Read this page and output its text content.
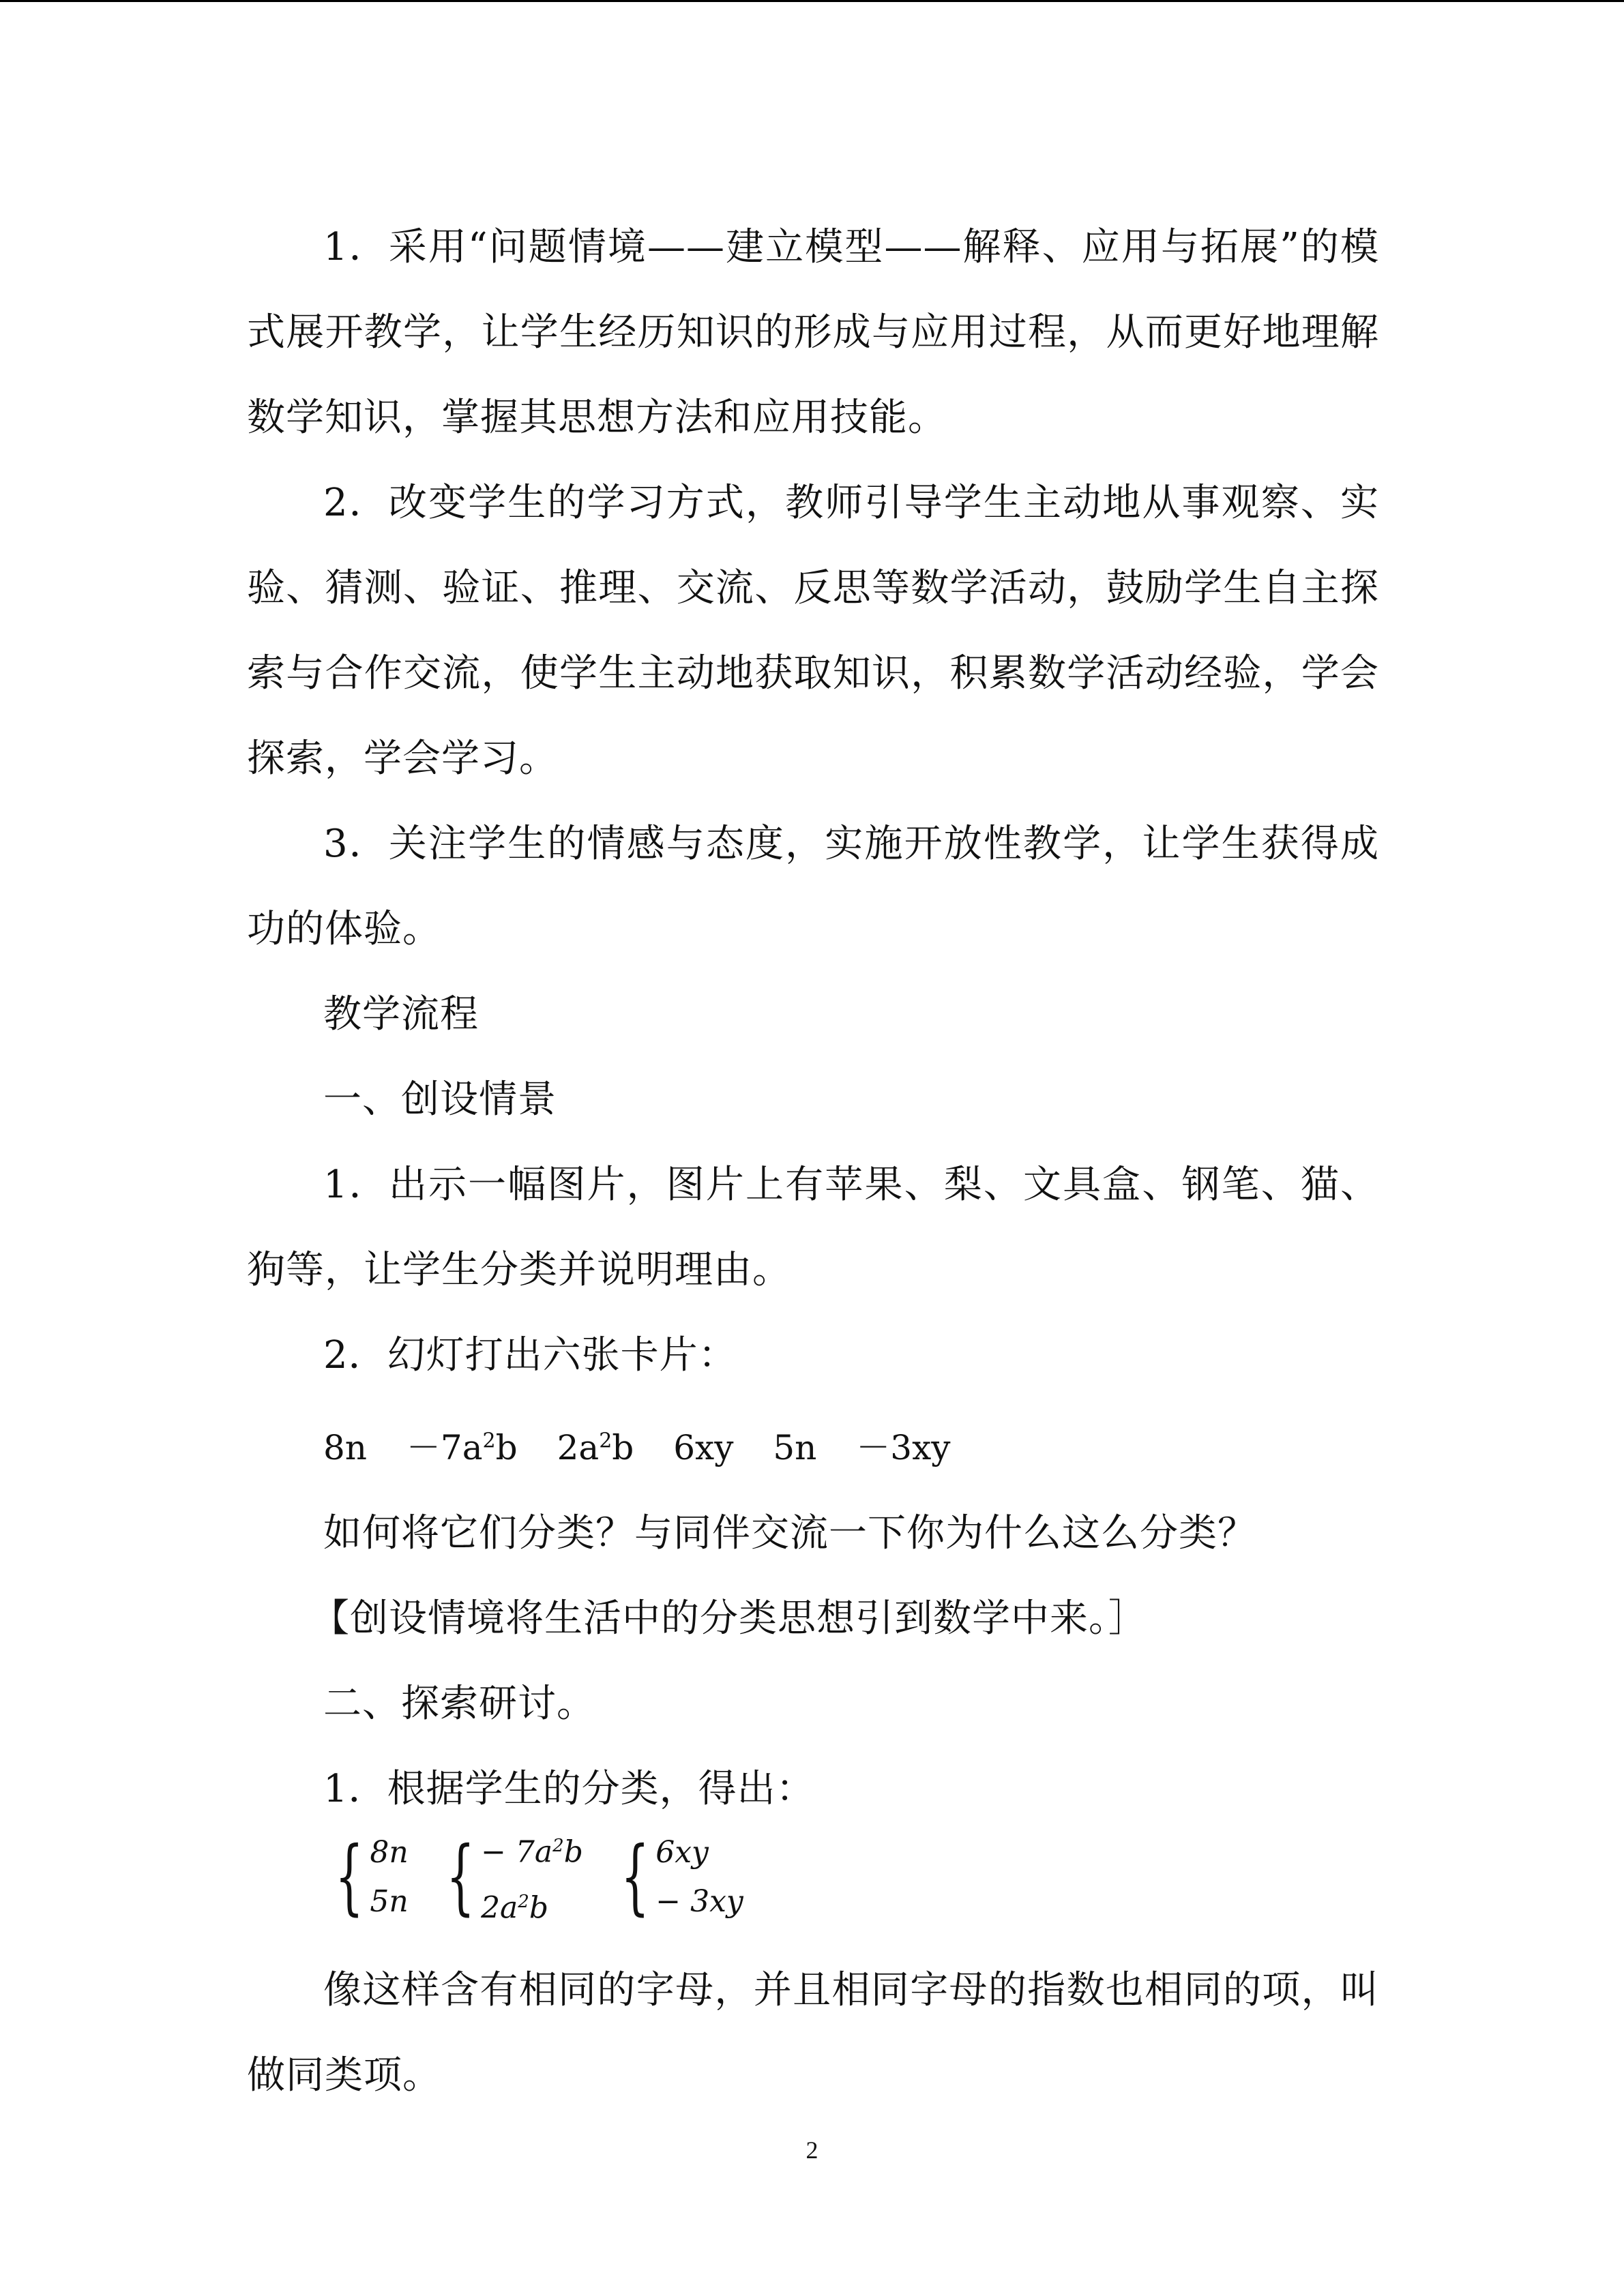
1．采用“问题情境——建立模型——解释、应用与拓展”的模式展开教学，让学生经历知识的形成与应用过程，从而更好地理解数学知识，掌握其思想方法和应用技能。

2．改变学生的学习方式，教师引导学生主动地从事观察、实验、猜测、验证、推理、交流、反思等数学活动，鼓励学生自主探索与合作交流，使学生主动地获取知识，积累数学活动经验，学会探索，学会学习。

3．关注学生的情感与态度，实施开放性教学，让学生获得成功的体验。

教学流程

一、创设情景

1．出示一幅图片，图片上有苹果、梨、文具盒、钢笔、猫、狗等，让学生分类并说明理由。

2．幻灯打出六张卡片：

$8n -7a^2b$ $2a^2b$ 6xy 5n －3xy

如何将它们分类？与同伴交流一下你为什么这么分类？

【创设情境将生活中的分类思想引到数学中来。］

二、探索研讨。

1．根据学生的分类，得出：

像这样含有相同的字母，并且相同字母的指数也相同的项，叫做同类项。

{ 8n
5n { − $7a^2b$
$2a^2b$ { 6xy
− 3xy
2
